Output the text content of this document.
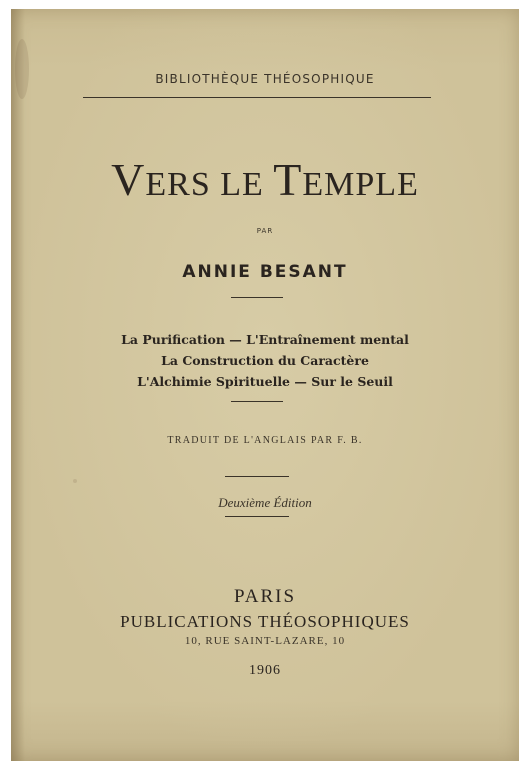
BIBLIOTHÈQUE THÉOSOPHIQUE
VERS LE TEMPLE
PAR
ANNIE BESANT
La Purification — L'Entraînement mental
La Construction du Caractère
L'Alchimie Spirituelle — Sur le Seuil
TRADUIT DE L'ANGLAIS PAR F. B.
Deuxième Édition
PARIS
PUBLICATIONS THÉOSOPHIQUES
10, RUE SAINT-LAZARE, 10
1906
